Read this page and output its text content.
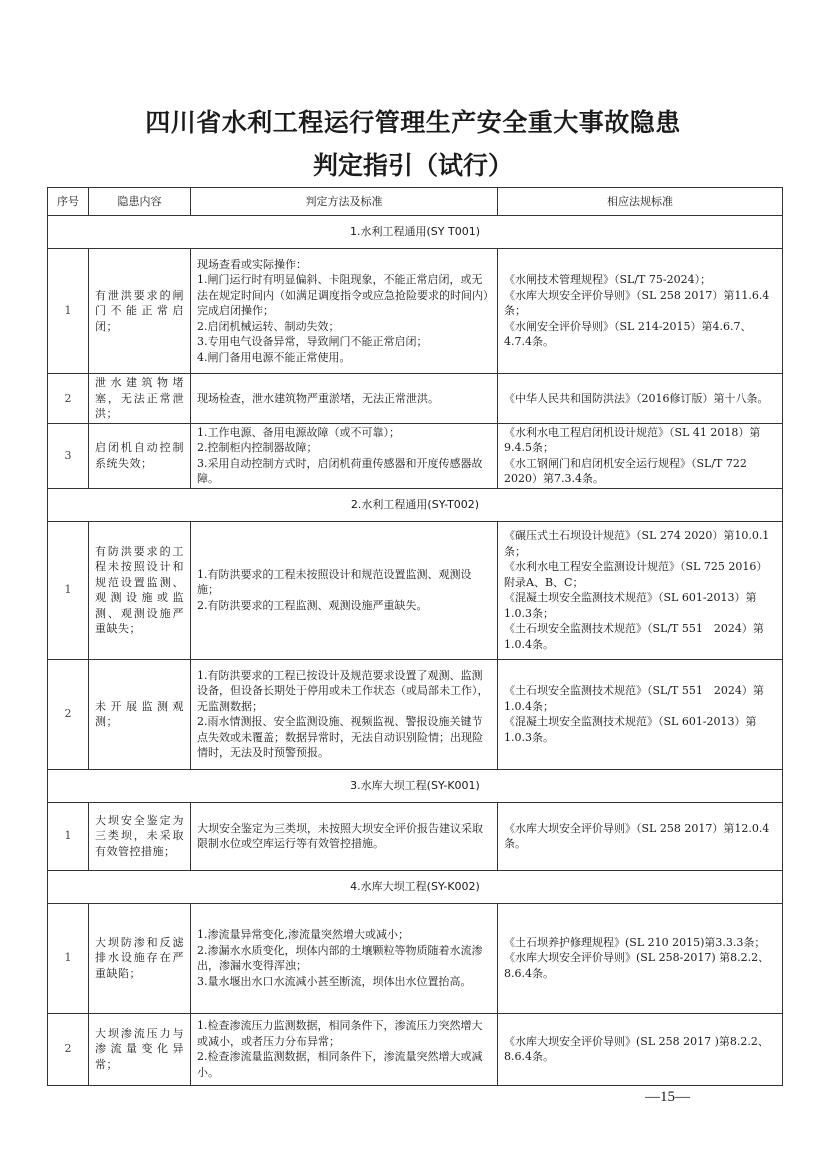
四川省水利工程运行管理生产安全重大事故隐患
判定指引（试行）
序号	隐患内容	判定方法及标准	相应法规标准
1.水利工程通用(SY T001)			
1	有泄洪要求的闸门不能正常启闭；	现场查看或实际操作：
1.闸门运行时有明显偏斜、卡阻现象，不能正常启闭，或无法在规定时间内（如满足调度指令或应急抢险要求的时间内）完成启闭操作；
2.启闭机械运转、制动失效；
3.专用电气设备异常，导致闸门不能正常启闭；
4.闸门备用电源不能正常使用。	《水闸技术管理规程》（SL/T 75-2024）；
《水库大坝安全评价导则》（SL 258 2017）第11.6.4条；
《水闸安全评价导则》（SL 214-2015）第4.6.7、4.7.4条。

2	泄水建筑物堵塞，无法正常泄洪；	现场检查，泄水建筑物严重淤堵，无法正常泄洪。	《中华人民共和国防洪法》（2016修订版）第十八条。

3	启闭机自动控制系统失效；	1.工作电源、备用电源故障（或不可靠）；
2.控制柜内控制器故障；
3.采用自动控制方式时，启闭机荷重传感器和开度传感器故障。	《水利水电工程启闭机设计规范》（SL 41 2018）第9.4.5条；
《水工钢闸门和启闭机安全运行规程》（SL/T 722 2020）第7.3.4条。

2.水利工程通用(SY-T002)			
1	有防洪要求的工程未按照设计和规范设置监测、观测设施或监测、观测设施严重缺失；	1.有防洪要求的工程未按照设计和规范设置监测、观测设施；
2.有防洪要求的工程监测、观测设施严重缺失。	《碾压式土石坝设计规范》（SL 274 2020）第10.0.1条；
《水利水电工程安全监测设计规范》（SL 725 2016）附录A、B、C；
《混凝土坝安全监测技术规范》（SL 601-2013）第1.0.3条；
《土石坝安全监测技术规范》（SL/T 551　2024）第1.0.4条。

2	未开展监测观测；	1.有防洪要求的工程已按设计及规范要求设置了观测、监测设备，但设备长期处于停用或未工作状态（或局部未工作），无监测数据；
2.雨水情测报、安全监测设施、视频监视、警报设施关键节点失效或未覆盖；数据异常时，无法自动识别险情；出现险情时，无法及时预警预报。	《土石坝安全监测技术规范》（SL/T 551　2024）第1.0.4条；
《混凝土坝安全监测技术规范》（SL 601-2013）第1.0.3条。

3.水库大坝工程(SY-K001)			
1	大坝安全鉴定为三类坝，未采取有效管控措施；	大坝安全鉴定为三类坝，未按照大坝安全评价报告建议采取限制水位或空库运行等有效管控措施。	《水库大坝安全评价导则》（SL 258 2017）第12.0.4条。

4.水库大坝工程(SY-K002)			
1	大坝防渗和反滤排水设施存在严重缺陷；	1.渗流量异常变化,渗流量突然增大或减小；
2.渗漏水水质变化，坝体内部的土壤颗粒等物质随着水流渗出，渗漏水变得浑浊；
3.量水堰出水口水流减小甚至断流，坝体出水位置抬高。	《土石坝养护修理规程》(SL 210 2015)第3.3.3条；
《水库大坝安全评价导则》(SL 258-2017) 第8.2.2、8.6.4条。

2	大坝渗流压力与渗流量变化异常；	1.检查渗流压力监测数据，相同条件下，渗流压力突然增大或减小，或者压力分布异常；
2.检查渗流量监测数据，相同条件下，渗流量突然增大或减小。	《水库大坝安全评价导则》(SL 258 2017 )第8.2.2、8.6.4条。
—15—
